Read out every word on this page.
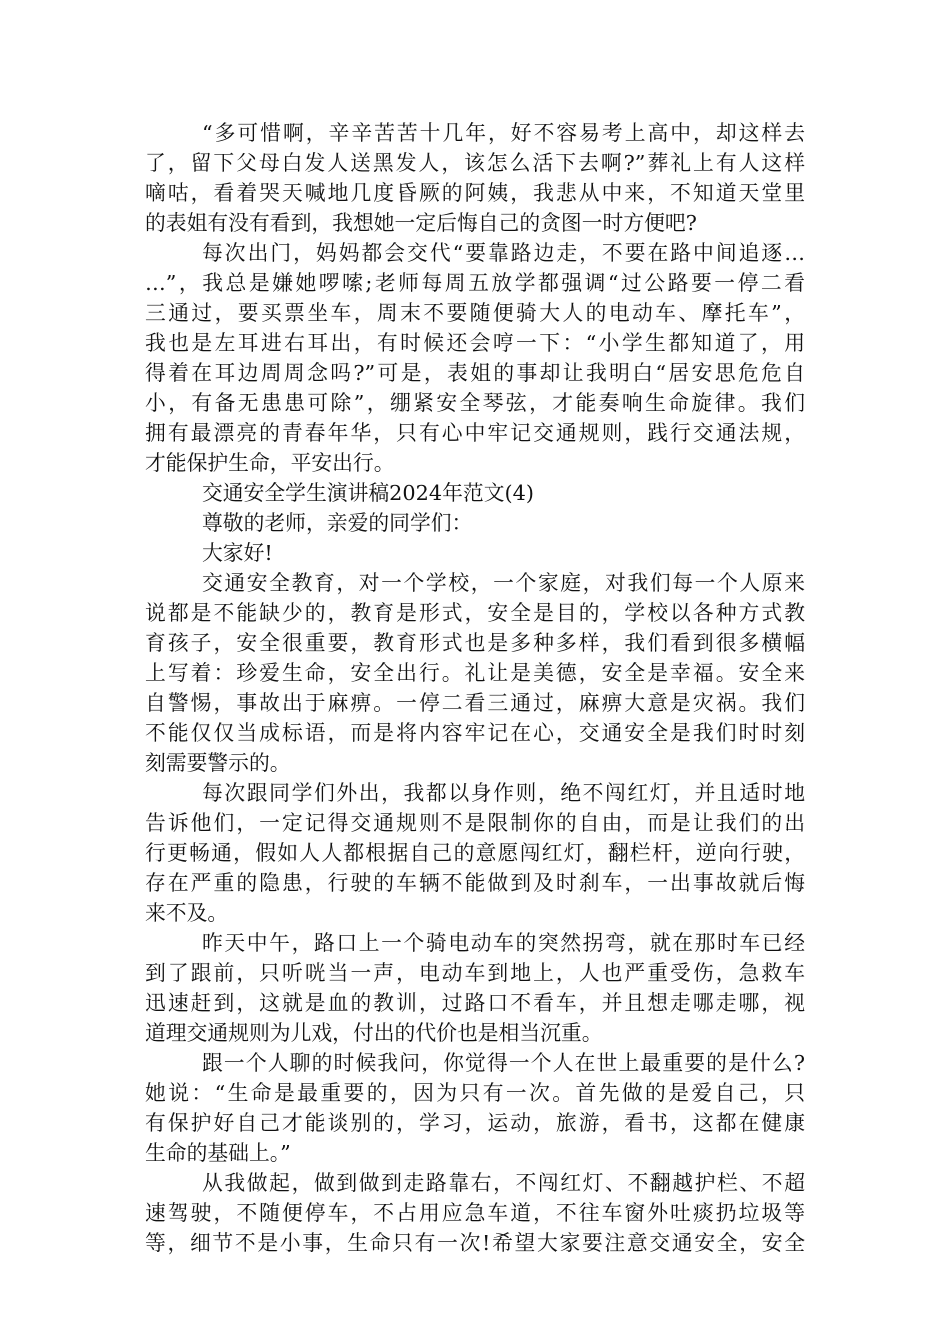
“多可惜啊，辛辛苦苦十几年，好不容易考上高中，却这样去
了，留下父母白发人送黑发人，该怎么活下去啊?”葬礼上有人这样
嘀咕，看着哭天喊地几度昏厥的阿姨，我悲从中来，不知道天堂里
的表姐有没有看到，我想她一定后悔自己的贪图一时方便吧?
每次出门，妈妈都会交代“要靠路边走，不要在路中间追逐…
…”，我总是嫌她啰嗦;老师每周五放学都强调“过公路要一停二看
三通过，要买票坐车，周末不要随便骑大人的电动车、摩托车”，
我也是左耳进右耳出，有时候还会哼一下：“小学生都知道了，用
得着在耳边周周念吗?”可是，表姐的事却让我明白“居安思危危自
小，有备无患患可除”，绷紧安全琴弦，才能奏响生命旋律。我们
拥有最漂亮的青春年华，只有心中牢记交通规则，践行交通法规，
才能保护生命，平安出行。
交通安全学生演讲稿2024年范文(4)
尊敬的老师，亲爱的同学们：
大家好!
交通安全教育，对一个学校，一个家庭，对我们每一个人原来
说都是不能缺少的，教育是形式，安全是目的，学校以各种方式教
育孩子，安全很重要，教育形式也是多种多样，我们看到很多横幅
上写着：珍爱生命，安全出行。礼让是美德，安全是幸福。安全来
自警惕，事故出于麻痹。一停二看三通过，麻痹大意是灾祸。我们
不能仅仅当成标语，而是将内容牢记在心，交通安全是我们时时刻
刻需要警示的。
每次跟同学们外出，我都以身作则，绝不闯红灯，并且适时地
告诉他们，一定记得交通规则不是限制你的自由，而是让我们的出
行更畅通，假如人人都根据自己的意愿闯红灯，翻栏杆，逆向行驶，
存在严重的隐患，行驶的车辆不能做到及时刹车，一出事故就后悔
来不及。
昨天中午，路口上一个骑电动车的突然拐弯，就在那时车已经
到了跟前，只听咣当一声，电动车到地上，人也严重受伤，急救车
迅速赶到，这就是血的教训，过路口不看车，并且想走哪走哪，视
道理交通规则为儿戏，付出的代价也是相当沉重。
跟一个人聊的时候我问，你觉得一个人在世上最重要的是什么?
她说：“生命是最重要的，因为只有一次。首先做的是爱自己，只
有保护好自己才能谈别的，学习，运动，旅游，看书，这都在健康
生命的基础上。”
从我做起，做到做到走路靠右，不闯红灯、不翻越护栏、不超
速驾驶，不随便停车，不占用应急车道，不往车窗外吐痰扔垃圾等
等，细节不是小事，生命只有一次!希望大家要注意交通安全，安全
